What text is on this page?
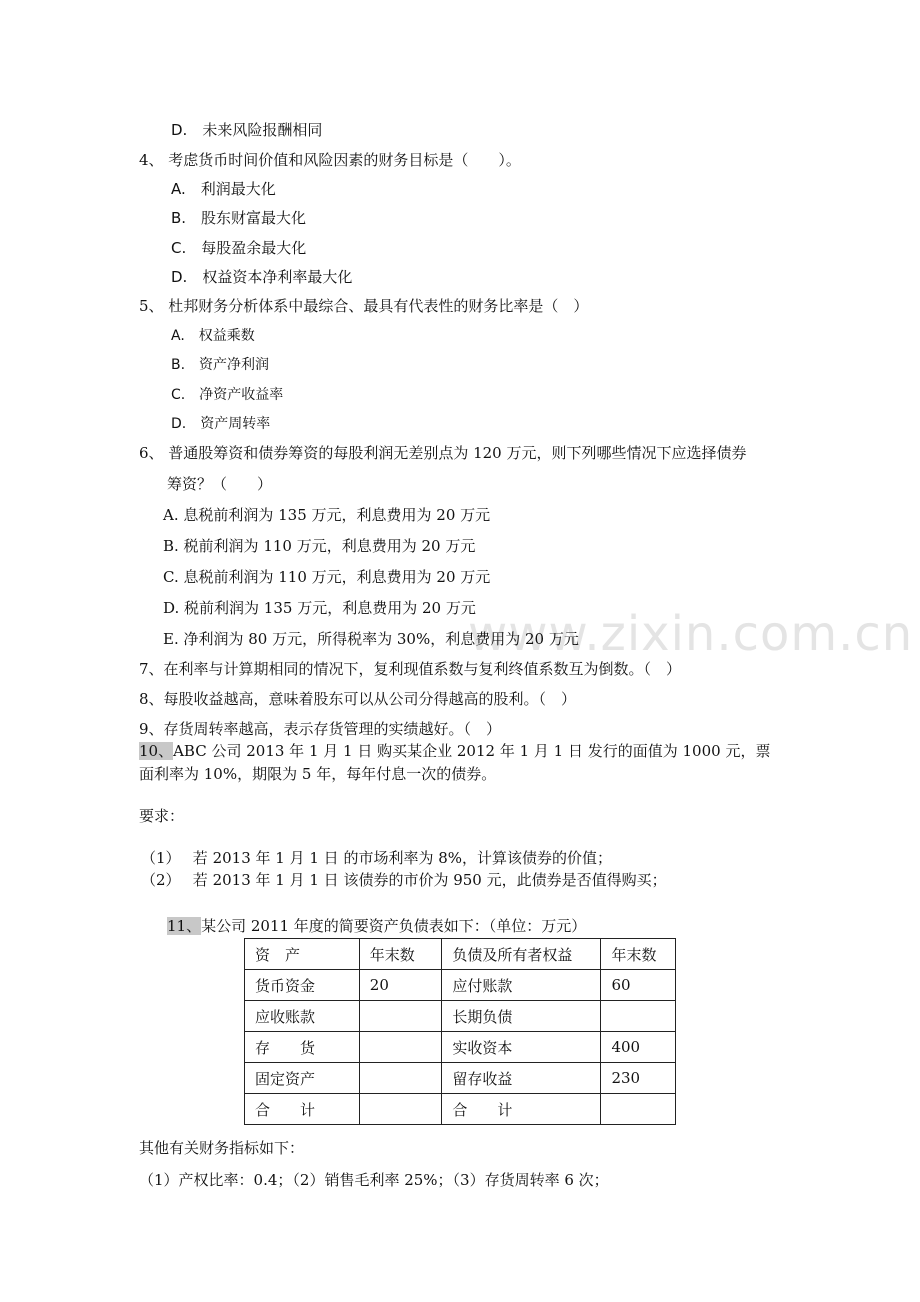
www.zixin.com.cn
D.　未来风险报酬相同
4、 考虑货币时间价值和风险因素的财务目标是（　　）。
A.　利润最大化
B.　股东财富最大化
C.　每股盈余最大化
D.　权益资本净利率最大化
5、 杜邦财务分析体系中最综合、最具有代表性的财务比率是（　）
A.　权益乘数
B.　资产净利润
C.　净资产收益率
D.　资产周转率
6、 普通股筹资和债券筹资的每股利润无差别点为 120 万元，则下列哪些情况下应选择债券
筹资？（　　）
A. 息税前利润为 135 万元，利息费用为 20 万元
B. 税前利润为 110 万元，利息费用为 20 万元
C. 息税前利润为 110 万元，利息费用为 20 万元
D. 税前利润为 135 万元，利息费用为 20 万元
E. 净利润为 80 万元，所得税率为 30%，利息费用为 20 万元
7、在利率与计算期相同的情况下，复利现值系数与复利终值系数互为倒数。（　）
8、每股收益越高，意味着股东可以从公司分得越高的股利。（　）
9、存货周转率越高，表示存货管理的实绩越好。（　）
10、ABC 公司 2013 年 1 月 1 日 购买某企业 2012 年 1 月 1 日 发行的面值为 1000 元，票
面利率为 10%，期限为 5 年，每年付息一次的债券。
要求：
（1）　 若 2013 年 1 月 1 日 的市场利率为 8%，计算该债券的价值；
（2）　 若 2013 年 1 月 1 日 该债券的市价为 950 元，此债券是否值得购买；
11、某公司 2011 年度的简要资产负债表如下：（单位：万元）
资　产	年末数	负债及所有者权益	年末数
货币资金	20	应付账款	60
应收账款		长期负债	
存　　货		实收资本	400
固定资产		留存收益	230
合　　计		合　　计	
其他有关财务指标如下：
（1）产权比率：0.4；（2）销售毛利率 25%；（3）存货周转率 6 次；
